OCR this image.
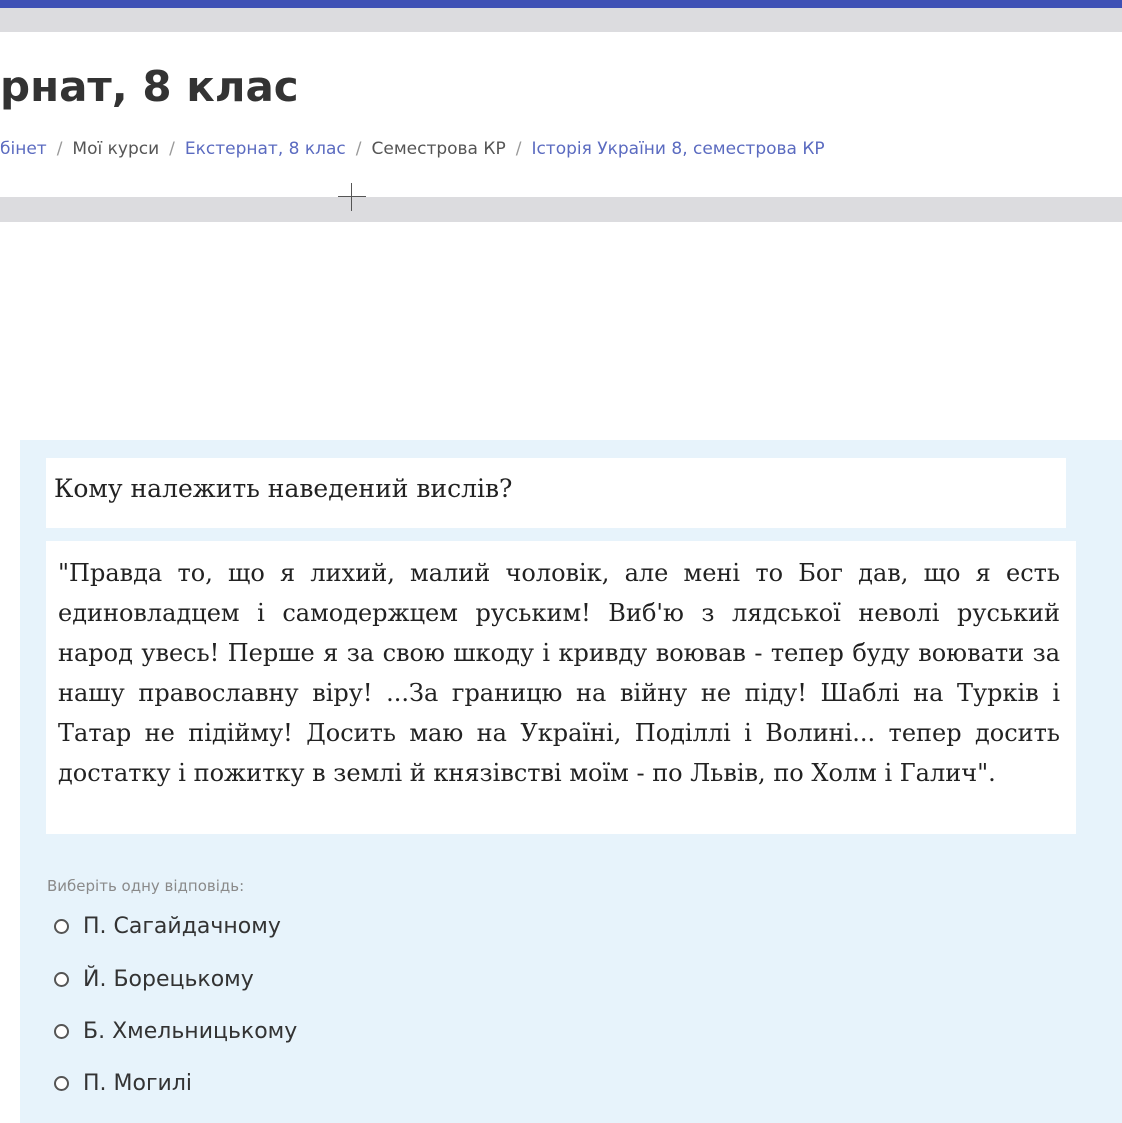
рнат, 8 клас
бінет / Мої курси / Екстернат, 8 клас / Семестрова КР / Історія України 8, семестрова КР
Кому належить наведений вислів?
"Правда то, що я лихий, малий чоловік, але мені то Бог дав, що я есть единовладцем і самодержцем руським! Виб'ю з лядської неволі руський народ увесь! Перше я за свою шкоду і кривду воював - тепер буду воювати за нашу православну віру! ...За границю на війну не піду! Шаблі на Турків і Татар не підійму! Досить маю на Україні, Поділлі і Волині... тепер досить достатку і пожитку в землі й князівстві моїм - по Львів, по Холм і Галич".
Виберіть одну відповідь:
П. Сагайдачному
Й. Борецькому
Б. Хмельницькому
П. Могилі
